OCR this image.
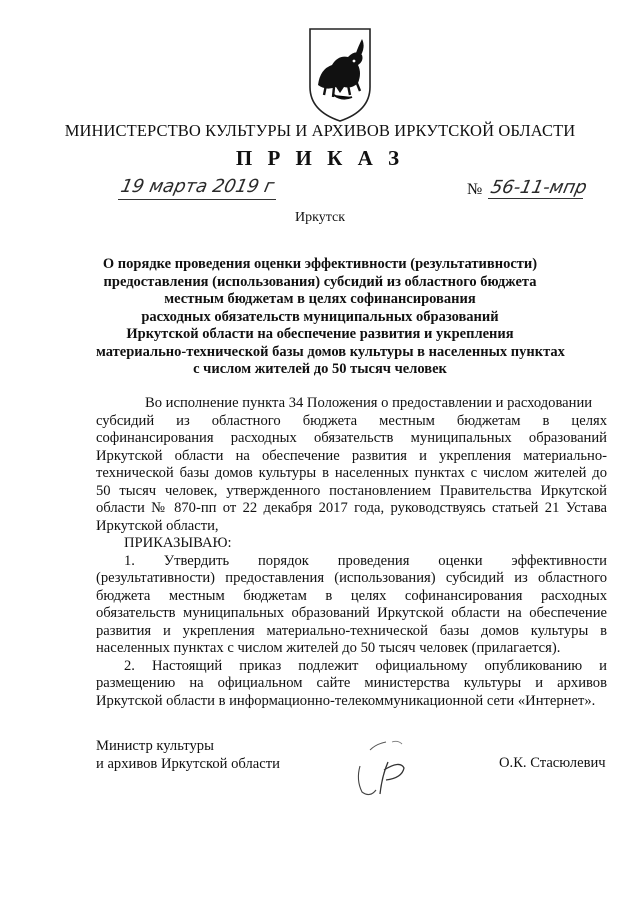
МИНИСТЕРСТВО КУЛЬТУРЫ И АРХИВОВ ИРКУТСКОЙ ОБЛАСТИ
П Р И К А З
19 марта 2019 г	№ 56-11-мпр
Иркутск
О порядке проведения оценки эффективности (результативности)
предоставления (использования) субсидий из областного бюджета
местным бюджетам в целях софинансирования
расходных обязательств муниципальных образований
Иркутской области на обеспечение развития и укрепления
материально-технической базы домов культуры в населенных пунктах
с числом жителей до 50 тысяч человек
Во исполнение пункта 34 Положения о предоставлении и расходовании
субсидий из областного бюджета местным бюджетам в целях
софинансирования расходных обязательств муниципальных образований
Иркутской области на обеспечение развития и укрепления материально-
технической базы домов культуры в населенных пунктах с числом жителей до
50 тысяч человек, утвержденного постановлением Правительства Иркутской
области № 870-пп от 22 декабря 2017 года, руководствуясь статьей 21 Устава
Иркутской области,
ПРИКАЗЫВАЮ:
1. Утвердить порядок проведения оценки эффективности
(результативности) предоставления (использования) субсидий из областного
бюджета местным бюджетам в целях софинансирования расходных
обязательств муниципальных образований Иркутской области на обеспечение
развития и укрепления материально-технической базы домов культуры в
населенных пунктах с числом жителей до 50 тысяч человек (прилагается).
2. Настоящий приказ подлежит официальному опубликованию и
размещению на официальном сайте министерства культуры и архивов
Иркутской области в информационно-телекоммуникационной сети «Интернет».
Министр культуры
и архивов Иркутской области	О.К. Стасюлевич
